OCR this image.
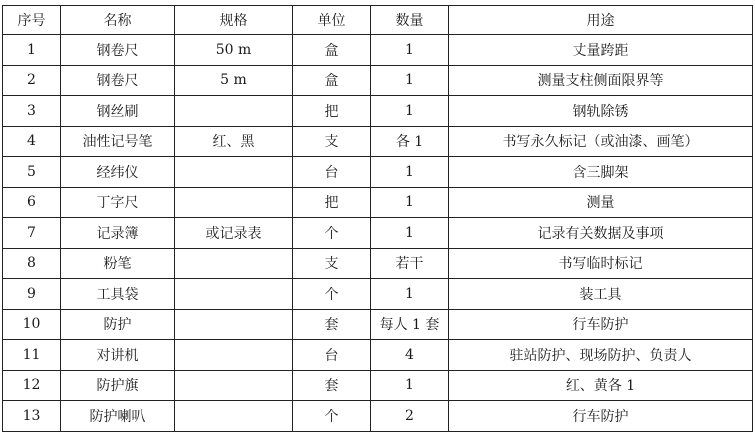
序号	名称	规格	单位	数量	用途
1	钢卷尺	50 m	盒	1	丈量跨距
2	钢卷尺	5 m	盒	1	测量支柱侧面限界等
3	钢丝刷		把	1	钢轨除锈
4	油性记号笔	红、黑	支	各 1	书写永久标记（或油漆、画笔）
5	经纬仪		台	1	含三脚架
6	丁字尺		把	1	测量
7	记录簿	或记录表	个	1	记录有关数据及事项
8	粉笔		支	若干	书写临时标记
9	工具袋		个	1	装工具
10	防护		套	每人 1 套	行车防护
11	对讲机		台	4	驻站防护、现场防护、负责人
12	防护旗		套	1	红、黄各 1
13	防护喇叭		个	2	行车防护
